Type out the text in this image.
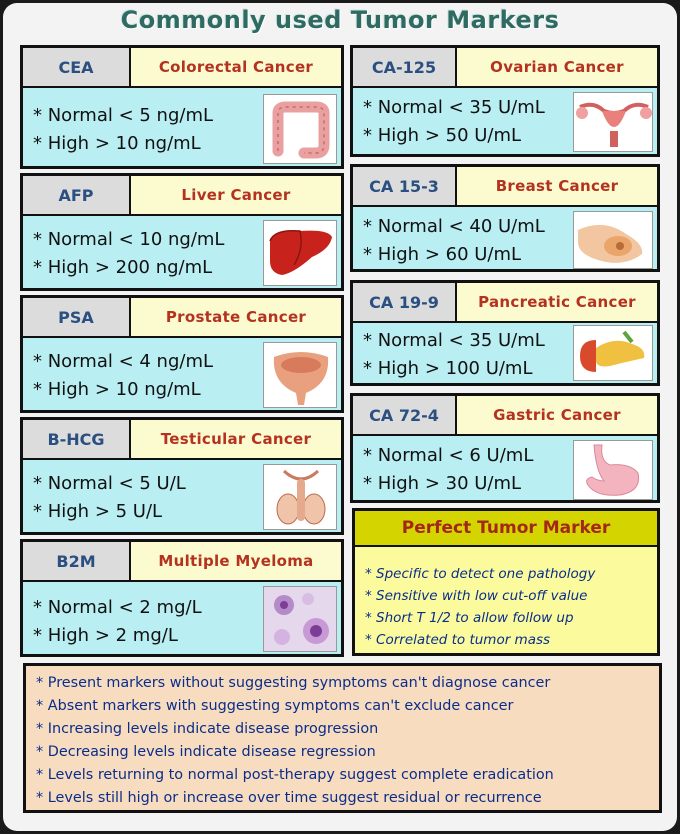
Commonly used Tumor Markers
CEA	Colorectal Cancer
* Normal < 5 ng/mL
* High > 10 ng/mL
AFP	Liver Cancer
* Normal < 10 ng/mL
* High > 200 ng/mL
PSA	Prostate Cancer
* Normal < 4 ng/mL
* High > 10 ng/mL
B-HCG	Testicular Cancer
* Normal < 5 U/L
* High > 5 U/L
B2M	Multiple Myeloma
* Normal < 2 mg/L
* High > 2 mg/L
CA-125	Ovarian Cancer
* Normal < 35 U/mL
* High > 50 U/mL
CA 15-3	Breast Cancer
* Normal < 40 U/mL
* High > 60 U/mL
CA 19-9	Pancreatic Cancer
* Normal < 35 U/mL
* High > 100 U/mL
CA 72-4	Gastric Cancer
* Normal < 6 U/mL
* High > 30 U/mL
Perfect Tumor Marker
* Specific to detect one pathology
* Sensitive with low cut-off value
* Short T 1/2 to allow follow up
* Correlated to tumor mass
* Present markers without suggesting symptoms can't diagnose cancer
* Absent markers with suggesting symptoms can't exclude cancer
* Increasing levels indicate disease progression
* Decreasing levels indicate disease regression
* Levels returning to normal post-therapy suggest complete eradication
* Levels still high or increase over time suggest residual or recurrence
